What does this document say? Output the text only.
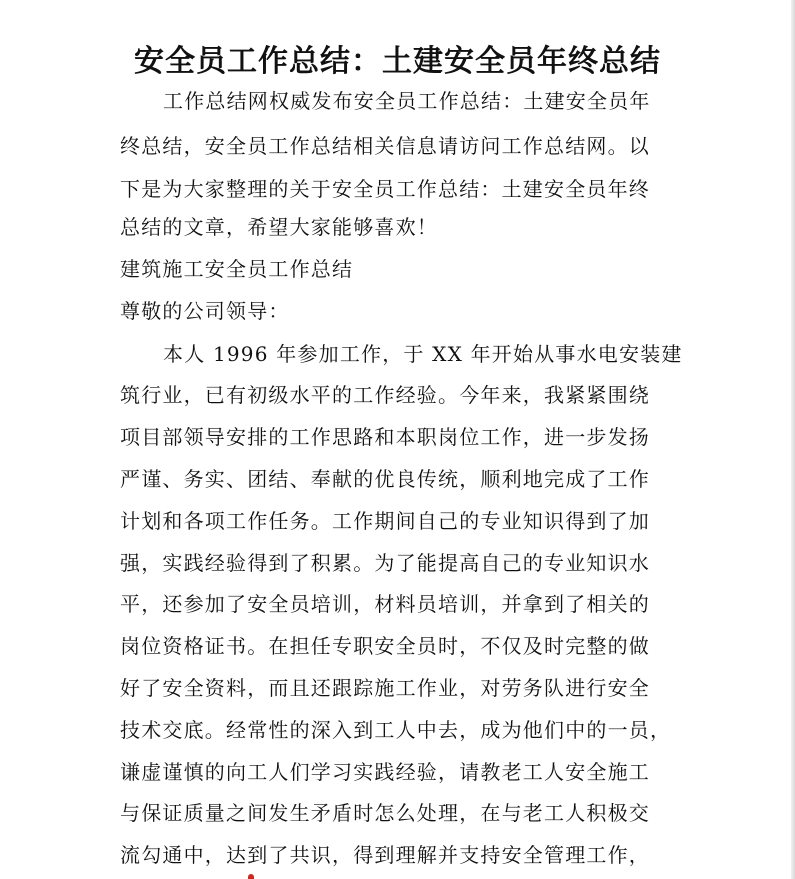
安全员工作总结：土建安全员年终总结

工作总结网权威发布安全员工作总结：土建安全员年

终总结，安全员工作总结相关信息请访问工作总结网。以

下是为大家整理的关于安全员工作总结：土建安全员年终

总结的文章，希望大家能够喜欢！

建筑施工安全员工作总结

尊敬的公司领导：

本人 1996 年参加工作，于 XX 年开始从事水电安装建

筑行业，已有初级水平的工作经验。今年来，我紧紧围绕

项目部领导安排的工作思路和本职岗位工作，进一步发扬

严谨、务实、团结、奉献的优良传统，顺利地完成了工作

计划和各项工作任务。工作期间自己的专业知识得到了加

强，实践经验得到了积累。为了能提高自己的专业知识水

平，还参加了安全员培训，材料员培训，并拿到了相关的

岗位资格证书。在担任专职安全员时，不仅及时完整的做

好了安全资料，而且还跟踪施工作业，对劳务队进行安全

技术交底。经常性的深入到工人中去，成为他们中的一员，

谦虚谨慎的向工人们学习实践经验，请教老工人安全施工

与保证质量之间发生矛盾时怎么处理，在与老工人积极交

流勾通中，达到了共识，得到理解并支持安全管理工作，
